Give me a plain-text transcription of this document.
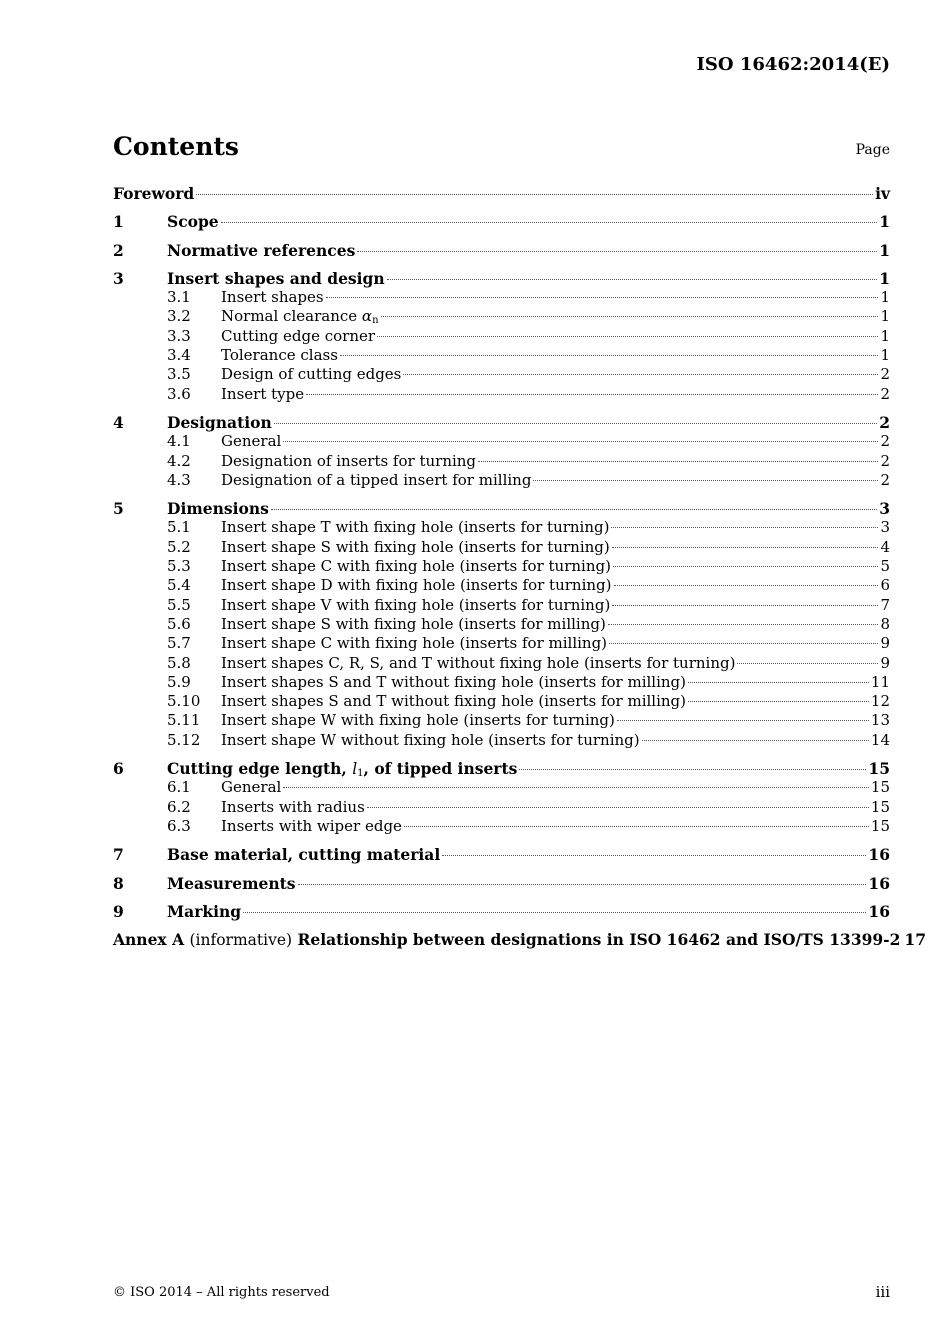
ISO 16462:2014(E)
Contents	Page
Foreword	iv
1	Scope	1
2	Normative references	1
3	Insert shapes and design	1
3.1	Insert shapes	1
3.2	Normal clearance $\alpha_n$	1
3.3	Cutting edge corner	1
3.4	Tolerance class	1
3.5	Design of cutting edges	2
3.6	Insert type	2
4	Designation	2
4.1	General	2
4.2	Designation of inserts for turning	2
4.3	Designation of a tipped insert for milling	2
5	Dimensions	3
5.1	Insert shape T with fixing hole (inserts for turning)	3
5.2	Insert shape S with fixing hole (inserts for turning)	4
5.3	Insert shape C with fixing hole (inserts for turning)	5
5.4	Insert shape D with fixing hole (inserts for turning)	6
5.5	Insert shape V with fixing hole (inserts for turning)	7
5.6	Insert shape S with fixing hole (inserts for milling)	8
5.7	Insert shape C with fixing hole (inserts for milling)	9
5.8	Insert shapes C, R, S, and T without fixing hole (inserts for turning)	9
5.9	Insert shapes S and T without fixing hole (inserts for milling)	11
5.10	Insert shapes S and T without fixing hole (inserts for milling)	12
5.11	Insert shape W with fixing hole (inserts for turning)	13
5.12	Insert shape W without fixing hole (inserts for turning)	14
6	Cutting edge length, $l_1$, of tipped inserts	15
6.1	General	15
6.2	Inserts with radius	15
6.3	Inserts with wiper edge	15
7	Base material, cutting material	16
8	Measurements	16
9	Marking	16
Annex A (informative) Relationship between designations in ISO 16462 and ISO/TS 13399-2 17
© ISO 2014 – All rights reserved	iii
